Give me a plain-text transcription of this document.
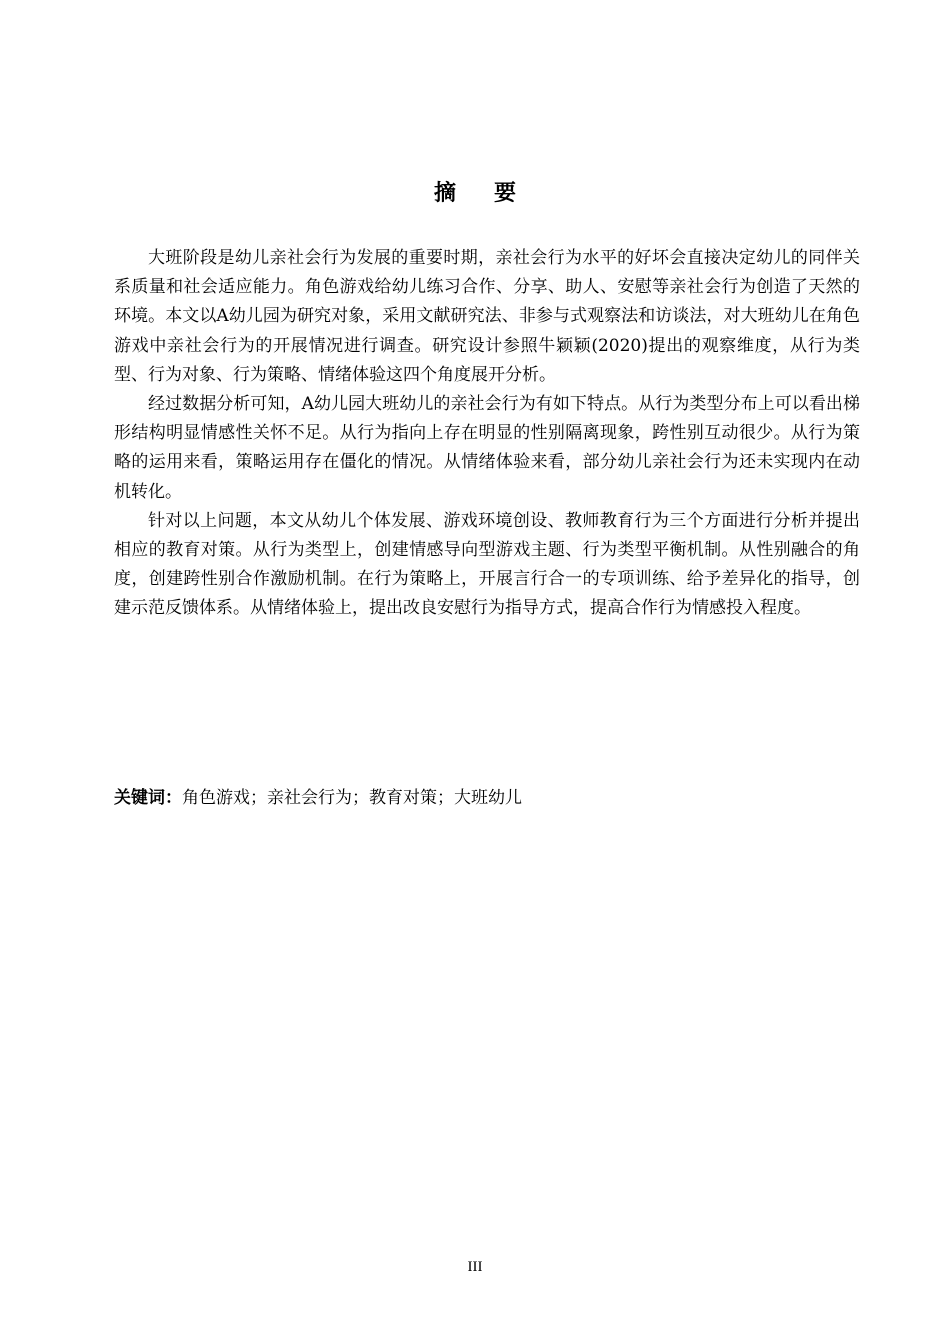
摘要

大班阶段是幼儿亲社会行为发展的重要时期，亲社会行为水平的好坏会直接决定幼儿的同伴关系质量和社会适应能力。角色游戏给幼儿练习合作、分享、助人、安慰等亲社会行为创造了天然的环境。本文以A幼儿园为研究对象，采用文献研究法、非参与式观察法和访谈法，对大班幼儿在角色游戏中亲社会行为的开展情况进行调查。研究设计参照牛颖颖(2020)提出的观察维度，从行为类型、行为对象、行为策略、情绪体验这四个角度展开分析。

经过数据分析可知，A幼儿园大班幼儿的亲社会行为有如下特点。从行为类型分布上可以看出梯形结构明显情感性关怀不足。从行为指向上存在明显的性别隔离现象，跨性别互动很少。从行为策略的运用来看，策略运用存在僵化的情况。从情绪体验来看，部分幼儿亲社会行为还未实现内在动机转化。

针对以上问题，本文从幼儿个体发展、游戏环境创设、教师教育行为三个方面进行分析并提出相应的教育对策。从行为类型上，创建情感导向型游戏主题、行为类型平衡机制。从性别融合的角度，创建跨性别合作激励机制。在行为策略上，开展言行合一的专项训练、给予差异化的指导，创建示范反馈体系。从情绪体验上，提出改良安慰行为指导方式，提高合作行为情感投入程度。

关键词：角色游戏；亲社会行为；教育对策；大班幼儿
III
